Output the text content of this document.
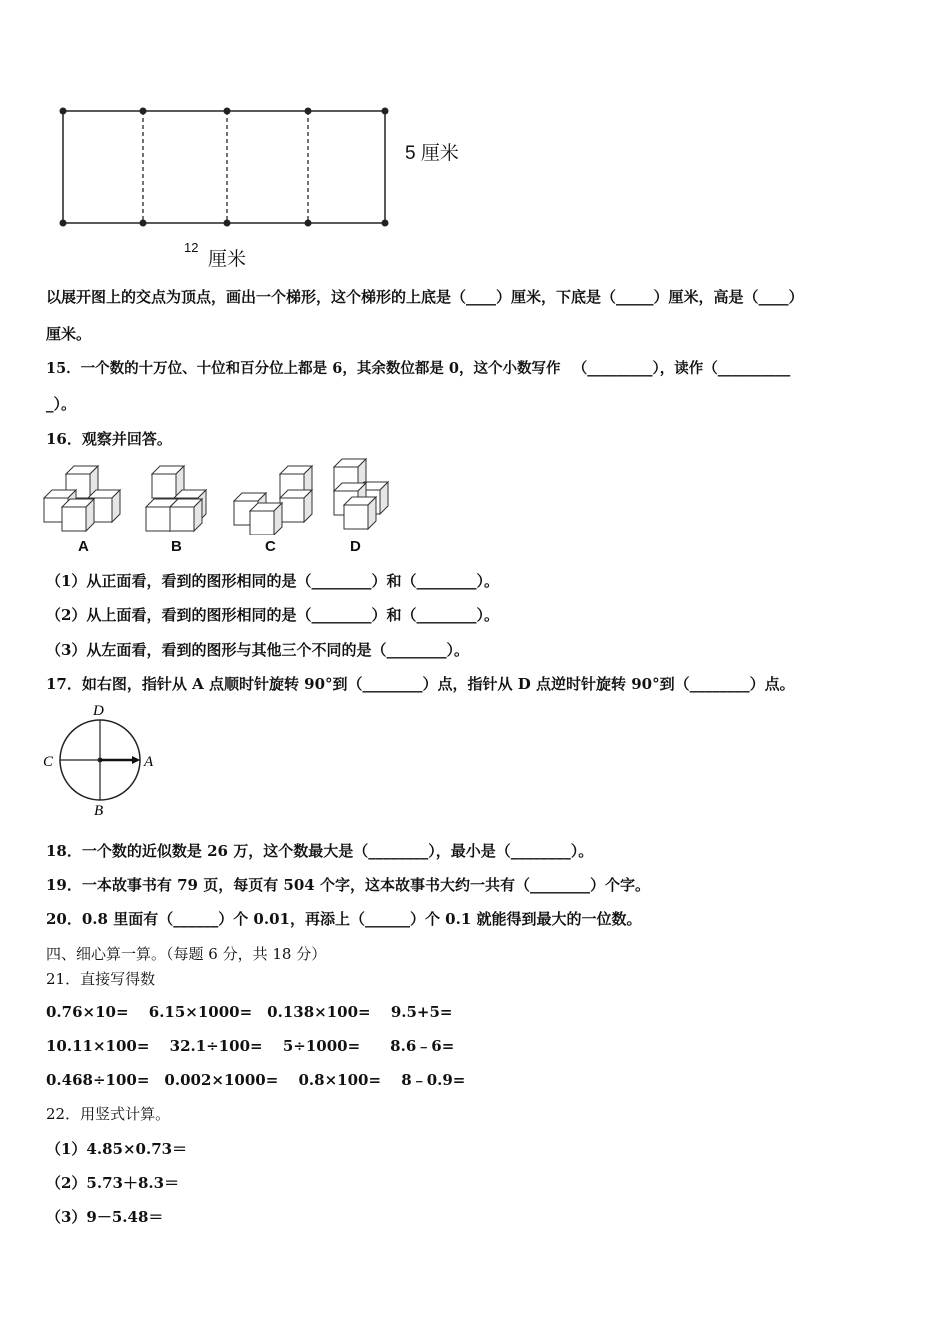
5 厘米
12
厘米
以展开图上的交点为顶点，画出一个梯形，这个梯形的上底是（____）厘米，下底是（_____）厘米，高是（____）
厘米。
15．一个数的十万位、十位和百分位上都是 6，其余数位都是 0，这个小数写作 　（_________），读作（__________
_）。
16．观察并回答。
A	B	C	D
（1）从正面看，看到的图形相同的是（________）和（________）。
（2）从上面看，看到的图形相同的是（________）和（________）。
（3）从左面看，看到的图形与其他三个不同的是（________）。
17．如右图，指针从 A 点顺时针旋转 90°到（________）点，指针从 D 点逆时针旋转 90°到（________）点。
D
B
C	A
18．一个数的近似数是 26 万，这个数最大是（________），最小是（________）。
19．一本故事书有 79 页，每页有 504 个字，这本故事书大约一共有（________）个字。
20．0.8 里面有（______）个 0.01，再添上（______）个 0.1 就能得到最大的一位数。
四、细心算一算。（每题 6 分，共 18 分）
21．直接写得数
0.76×10=　 6.15×1000=　0.138×100=　 9.5+5=
10.11×100=　 32.1÷100=　 5÷1000=　　8.6﹣6=
0.468÷100=　0.002×1000=　 0.8×100=　 8﹣0.9=
22．用竖式计算。
（1）4.85×0.73＝
（2）5.73＋8.3＝
（3）9－5.48＝
